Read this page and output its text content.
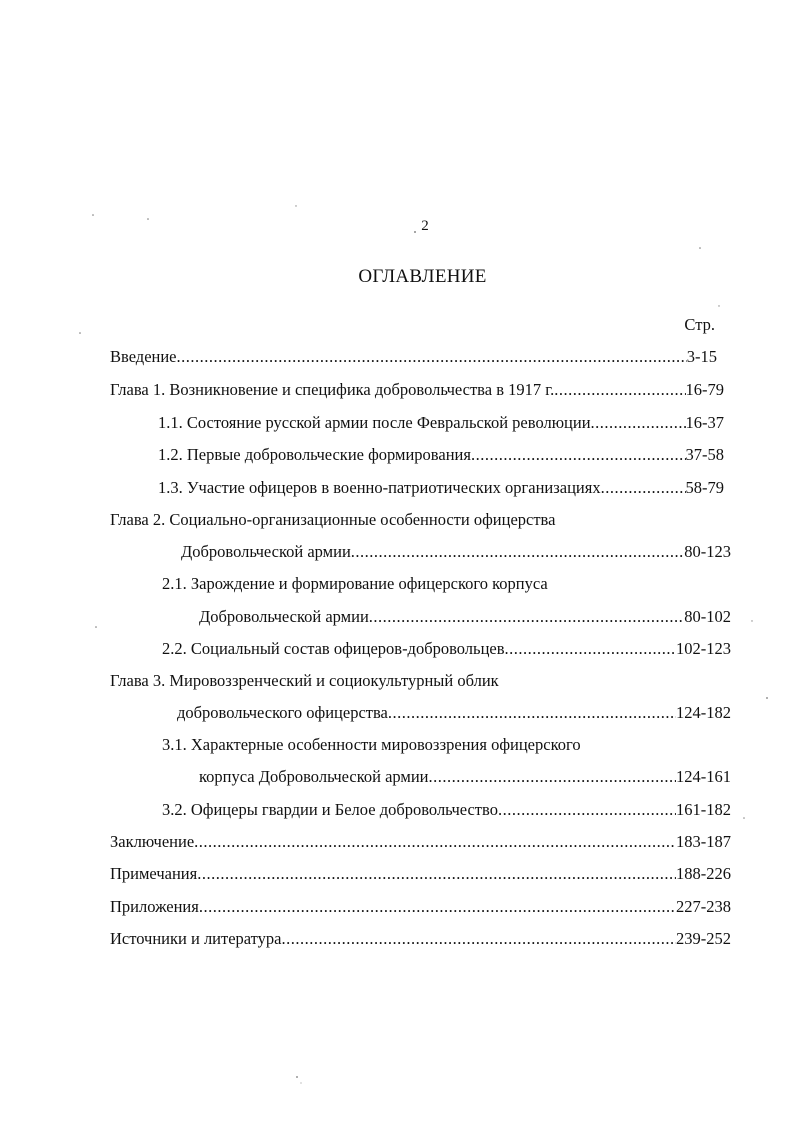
2
ОГЛАВЛЕНИЕ
Стр.
Введение .....	3-15
Глава 1. Возникновение и специфика добровольчества в 1917 г. .....	16-79
1.1. Состояние русской армии после Февральской революции .....	16-37
1.2. Первые добровольческие формирования .....	37-58
1.3. Участие офицеров в военно-патриотических организациях .....	58-79
Глава 2. Социально-организационные особенности офицерства
Добровольческой армии .....	80-123
2.1. Зарождение и формирование офицерского корпуса
Добровольческой армии .....	80-102
2.2. Социальный состав офицеров-добровольцев .....	102-123
Глава 3. Мировоззренческий и социокультурный облик
добровольческого офицерства .....	124-182
3.1. Характерные особенности мировоззрения офицерского
корпуса Добровольческой армии .....	124-161
3.2. Офицеры гвардии и Белое добровольчество .....	161-182
Заключение .....	183-187
Примечания .....	188-226
Приложения .....	227-238
Источники и литература .....	239-252
